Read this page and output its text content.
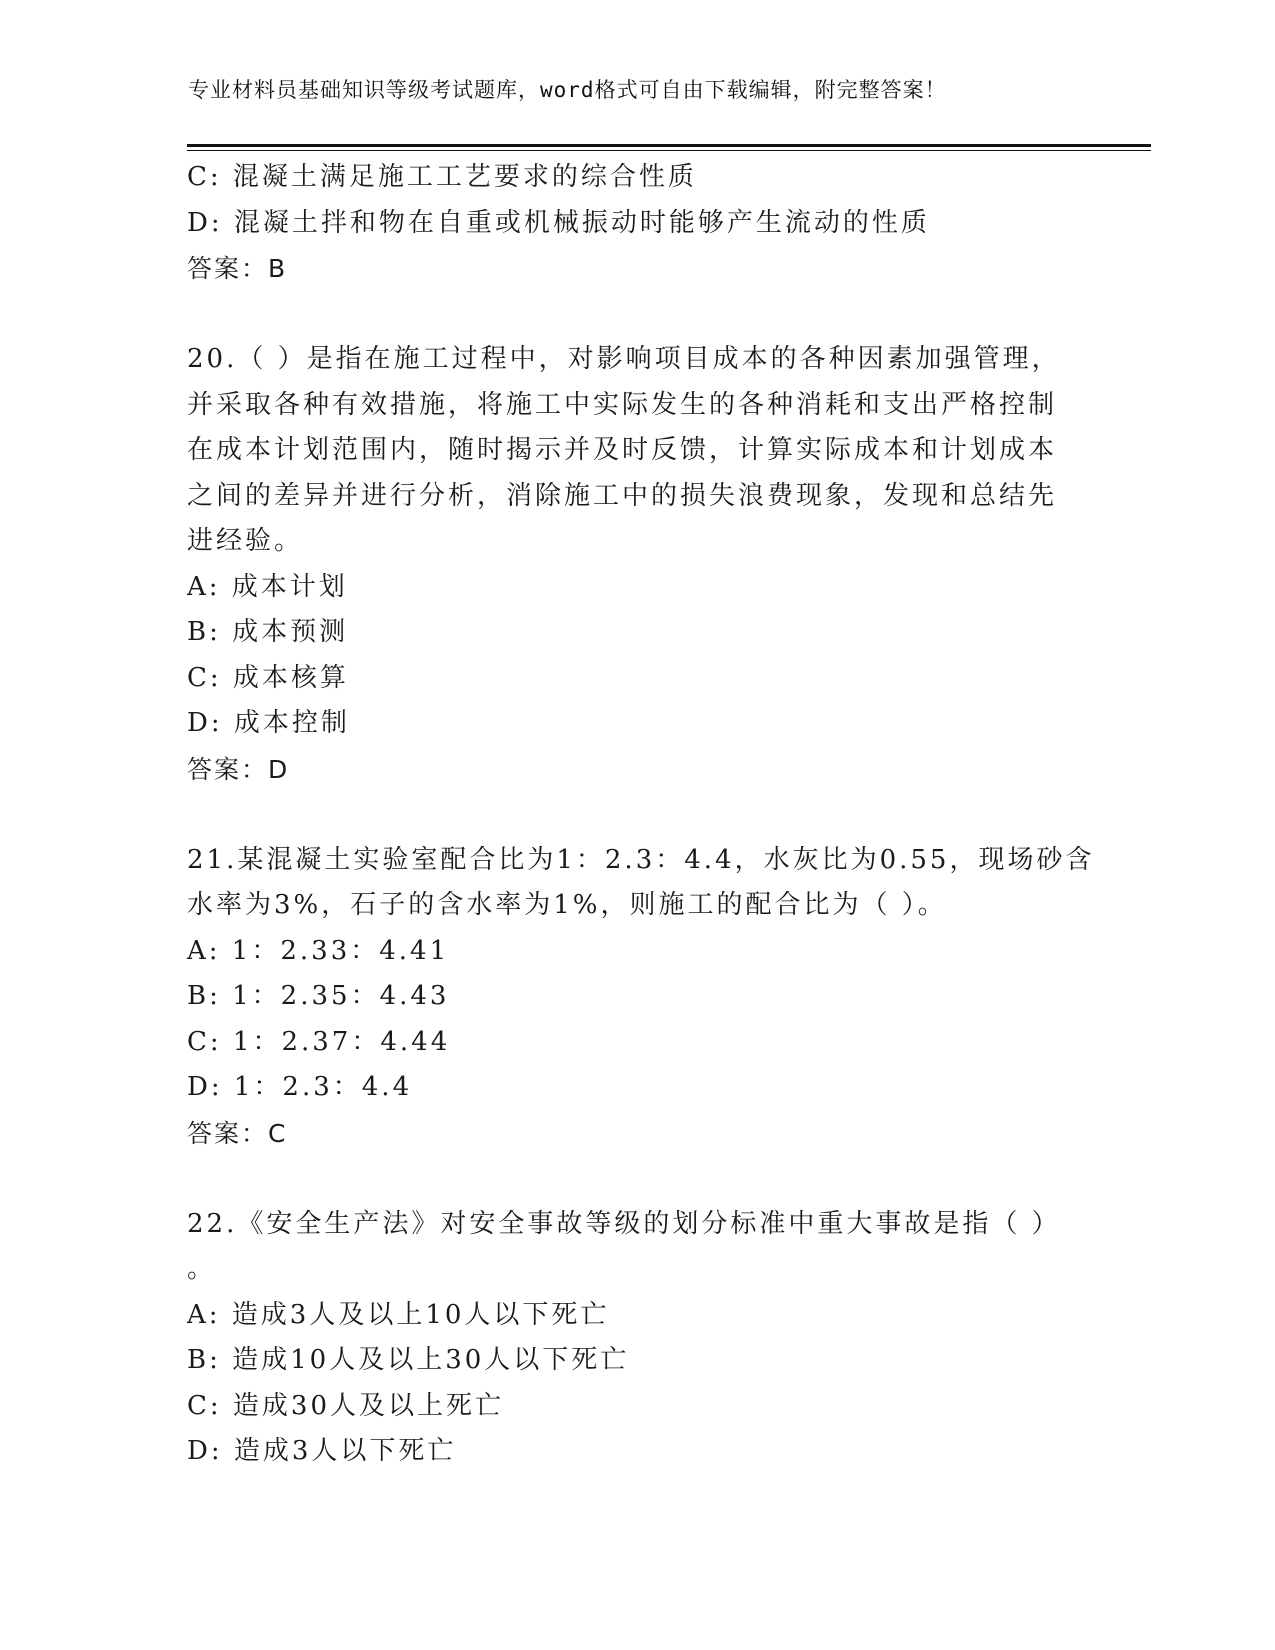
专业材料员基础知识等级考试题库，word格式可自由下载编辑，附完整答案！
C: 混凝土满足施工工艺要求的综合性质
D: 混凝土拌和物在自重或机械振动时能够产生流动的性质
答案：B
20.（ ）是指在施工过程中，对影响项目成本的各种因素加强管理，
并采取各种有效措施，将施工中实际发生的各种消耗和支出严格控制
在成本计划范围内，随时揭示并及时反馈，计算实际成本和计划成本
之间的差异并进行分析，消除施工中的损失浪费现象，发现和总结先
进经验。
A: 成本计划
B: 成本预测
C: 成本核算
D: 成本控制
答案：D
21.某混凝土实验室配合比为1：2.3：4.4，水灰比为0.55，现场砂含
水率为3%，石子的含水率为1%，则施工的配合比为（ ）。
A: 1：2.33：4.41
B: 1：2.35：4.43
C: 1：2.37：4.44
D: 1：2.3：4.4
答案：C
22.《安全生产法》对安全事故等级的划分标准中重大事故是指（ ）
。
A: 造成3人及以上10人以下死亡
B: 造成10人及以上30人以下死亡
C: 造成30人及以上死亡
D: 造成3人以下死亡
